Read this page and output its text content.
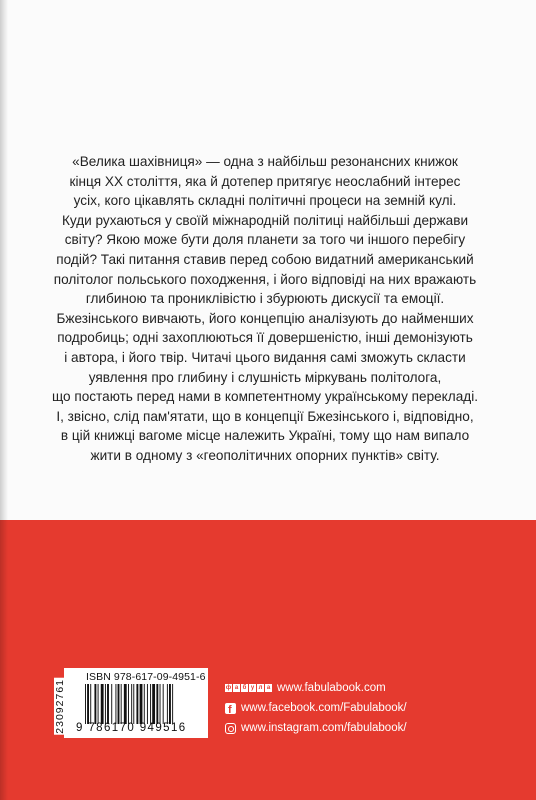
«Велика шахівниця» — одна з найбільш резонансних книжок
кінця ХХ століття, яка й дотепер притягує неослабний інтерес
усіх, кого цікавлять складні політичні процеси на земній кулі.
Куди рухаються у своїй міжнародній політиці найбільші держави
світу? Якою може бути доля планети за того чи іншого перебігу
подій? Такі питання ставив перед собою видатний американський
політолог польського походження, і його відповіді на них вражають
глибиною та прониклівістю і збурюють дискусії та емоції.
Бжезінського вивчають, його концепцію аналізують до найменших
подробиць; одні захоплюються її довершеністю, інші демонізують
і автора, і його твір. Читачі цього видання самі зможуть скласти
уявлення про глибину і слушність міркувань політолога,
що постають перед нами в компетентному українському перекладі.
І, звісно, слід пам'ятати, що в концепції Бжезінського і, відповідно,
в цій книжці вагоме місце належить Україні, тому що нам випало
жити в одному з «геополітичних опорних пунктів» світу.

ISBN 978-617-09-4951-6
23092761 9 786170 949516
ф а б у л а www.fabulabook.com
f
www.facebook.com/Fabulabook/
www.instagram.com/fabulabook/
